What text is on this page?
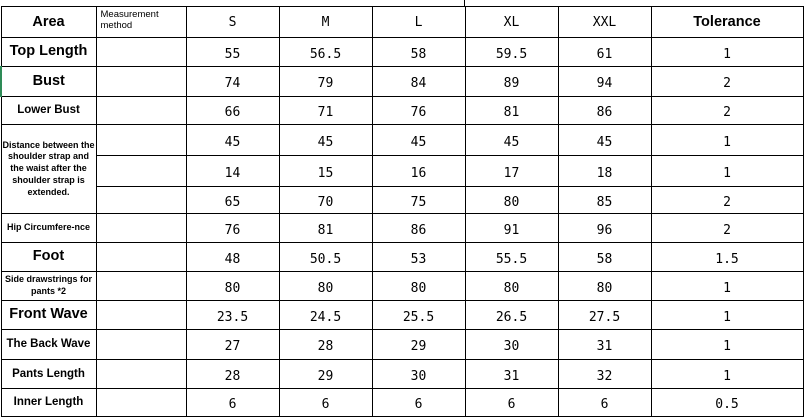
Area	Measurement method	S	M	L	XL	XXL	Tolerance
Top Length		55	56.5	58	59.5	61	1
Bust		74	79	84	89	94	2
Lower Bust		66	71	76	81	86	2
Distance between the shoulder strap and the waist after the shoulder strap is extended.		45	45	45	45	45	1
		14	15	16	17	18	1
		65	70	75	80	85	2
Hip Circumfere-nce		76	81	86	91	96	2
Foot		48	50.5	53	55.5	58	1.5
Side drawstrings for pants *2		80	80	80	80	80	1
Front Wave		23.5	24.5	25.5	26.5	27.5	1
The Back Wave		27	28	29	30	31	1
Pants Length		28	29	30	31	32	1
Inner Length		6	6	6	6	6	0.5
